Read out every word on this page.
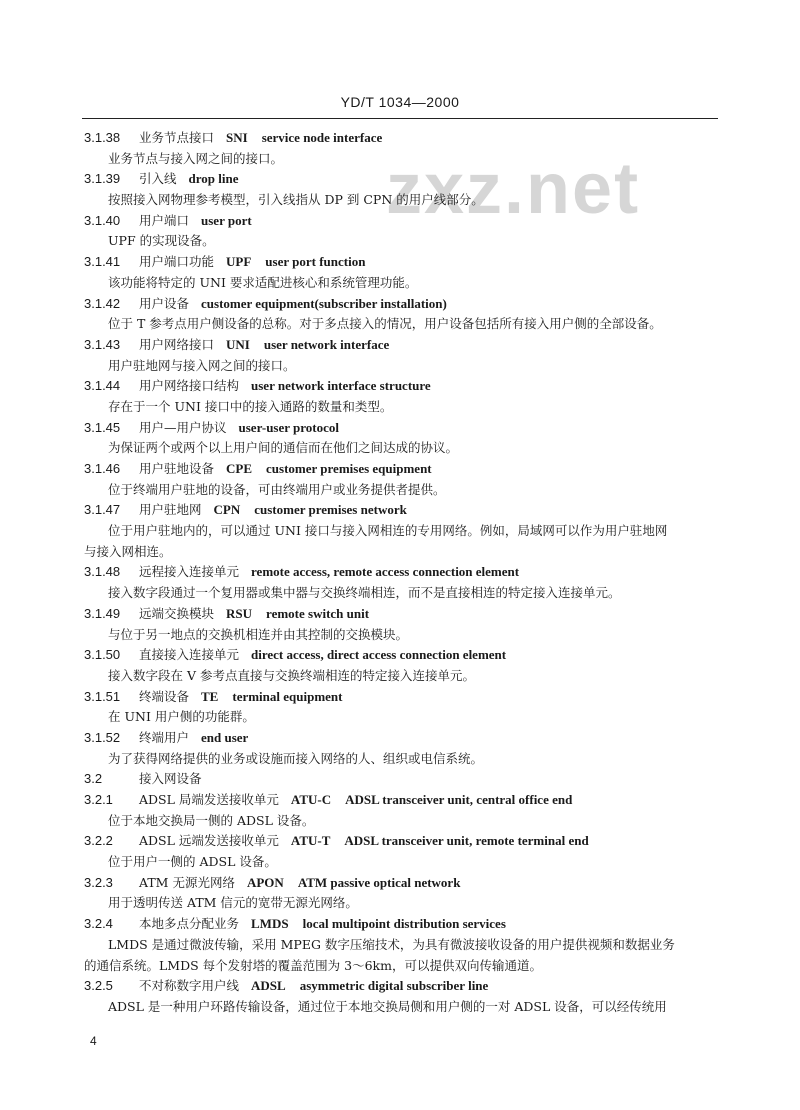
YD/T 1034—2000
zxz.net
3.1.38 业务节点接口 SNI service node interface
业务节点与接入网之间的接口。
3.1.39 引入线 drop line
按照接入网物理参考模型，引入线指从 DP 到 CPN 的用户线部分。
3.1.40 用户端口 user port
UPF 的实现设备。
3.1.41 用户端口功能 UPF user port function
该功能将特定的 UNI 要求适配进核心和系统管理功能。
3.1.42 用户设备 customer equipment(subscriber installation)
位于 T 参考点用户侧设备的总称。对于多点接入的情况，用户设备包括所有接入用户侧的全部设备。
3.1.43 用户网络接口 UNI user network interface
用户驻地网与接入网之间的接口。
3.1.44 用户网络接口结构 user network interface structure
存在于一个 UNI 接口中的接入通路的数量和类型。
3.1.45 用户—用户协议 user-user protocol
为保证两个或两个以上用户间的通信而在他们之间达成的协议。
3.1.46 用户驻地设备 CPE customer premises equipment
位于终端用户驻地的设备，可由终端用户或业务提供者提供。
3.1.47 用户驻地网 CPN customer premises network
位于用户驻地内的，可以通过 UNI 接口与接入网相连的专用网络。例如，局域网可以作为用户驻地网
与接入网相连。
3.1.48 远程接入连接单元 remote access, remote access connection element
接入数字段通过一个复用器或集中器与交换终端相连，而不是直接相连的特定接入连接单元。
3.1.49 远端交换模块 RSU remote switch unit
与位于另一地点的交换机相连并由其控制的交换模块。
3.1.50 直接接入连接单元 direct access, direct access connection element
接入数字段在 V 参考点直接与交换终端相连的特定接入连接单元。
3.1.51 终端设备 TE terminal equipment
在 UNI 用户侧的功能群。
3.1.52 终端用户 end user
为了获得网络提供的业务或设施而接入网络的人、组织或电信系统。
3.2	接入网设备
3.2.1 ADSL 局端发送接收单元 ATU-C ADSL transceiver unit, central office end
位于本地交换局一侧的 ADSL 设备。
3.2.2 ADSL 远端发送接收单元 ATU-T ADSL transceiver unit, remote terminal end
位于用户一侧的 ADSL 设备。
3.2.3 ATM 无源光网络 APON ATM passive optical network
用于透明传送 ATM 信元的宽带无源光网络。
3.2.4 本地多点分配业务 LMDS local multipoint distribution services
LMDS 是通过微波传输，采用 MPEG 数字压缩技术，为具有微波接收设备的用户提供视频和数据业务
的通信系统。LMDS 每个发射塔的覆盖范围为 3～6km，可以提供双向传输通道。
3.2.5 不对称数字用户线 ADSL asymmetric digital subscriber line
ADSL 是一种用户环路传输设备，通过位于本地交换局侧和用户侧的一对 ADSL 设备，可以经传统用
4
